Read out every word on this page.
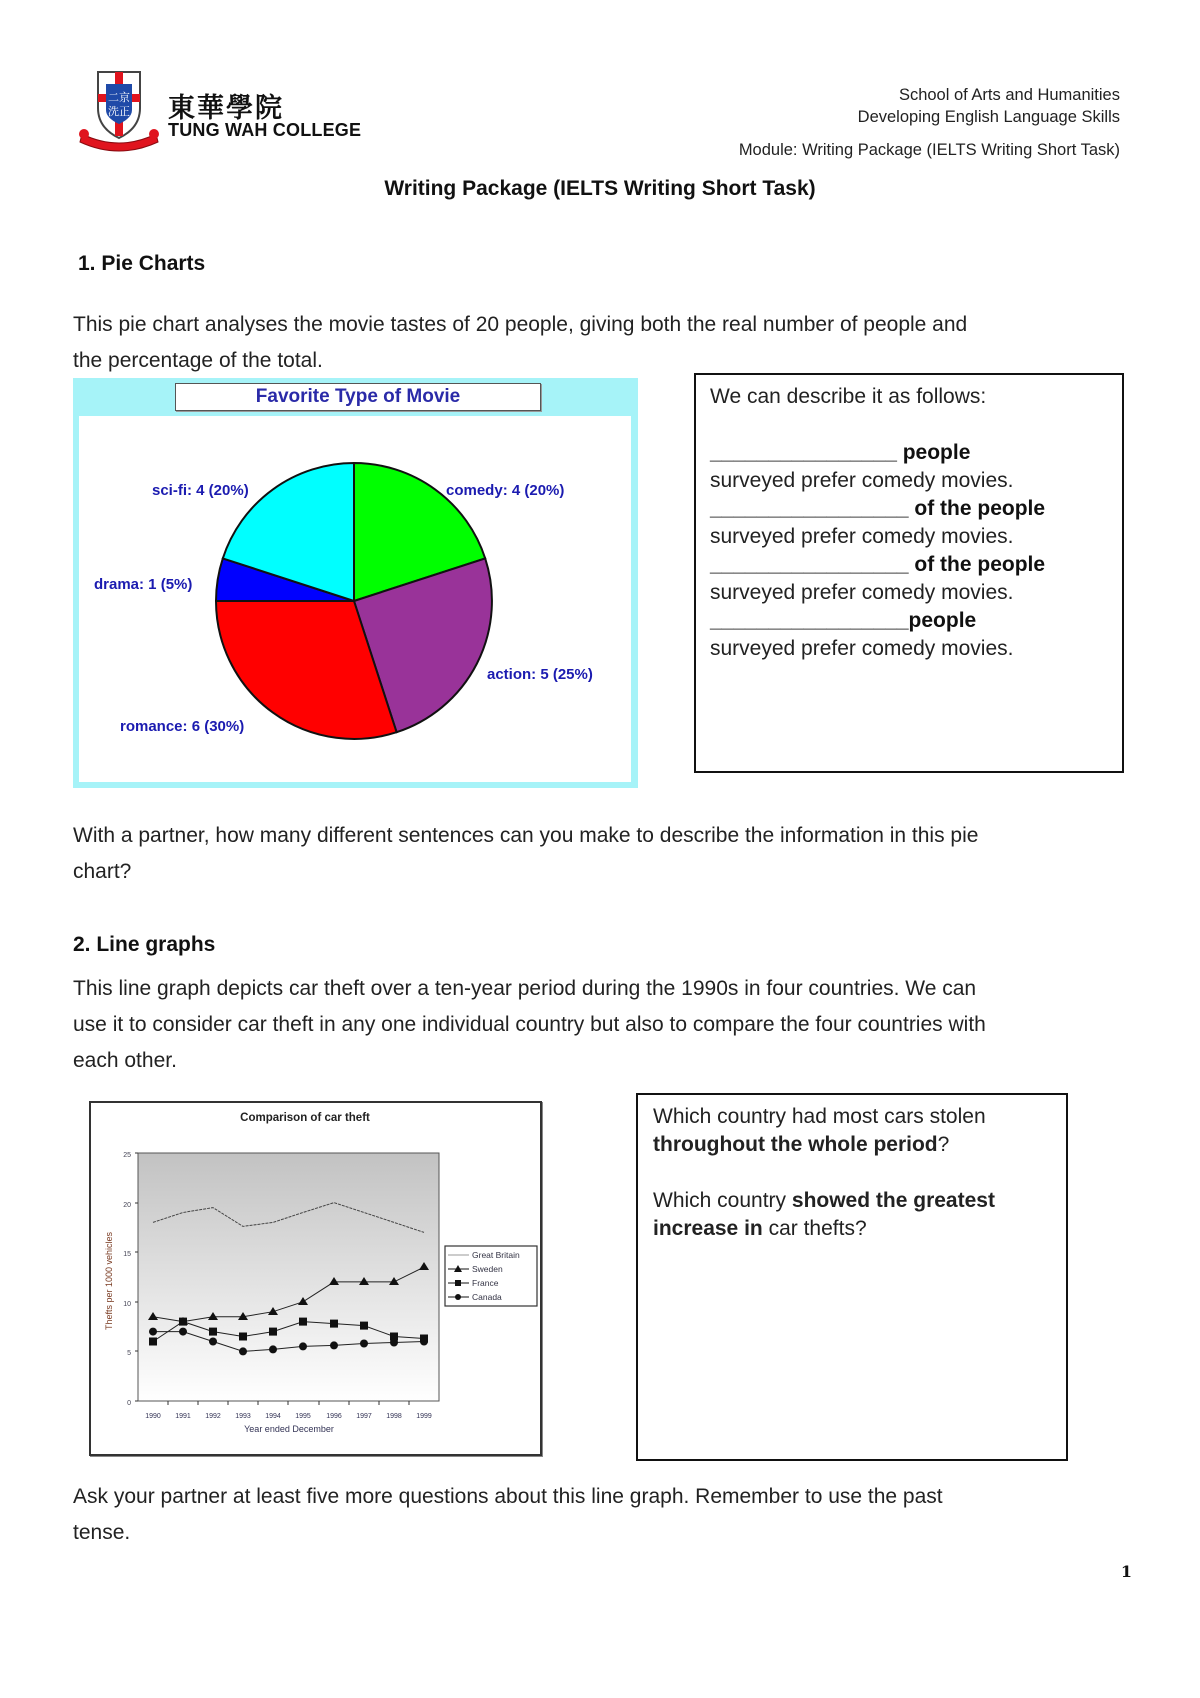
二京
洗正 東華學院
TUNG WAH COLLEGE
School of Arts and Humanities
Developing English Language Skills
Module: Writing Package (IELTS Writing Short Task)
Writing Package (IELTS Writing Short Task)
1. Pie Charts
This pie chart analyses the movie tastes of 20 people, giving both the real number of people and
the percentage of the total.
Favorite Type of Movie
sci-fi: 4 (20%)	comedy: 4 (20%)
drama: 1 (5%)
action: 5 (25%)
romance: 6 (30%)
We can describe it as follows:
________________ people
surveyed prefer comedy movies.
_________________ of the people
surveyed prefer comedy movies.
_________________ of the people
surveyed prefer comedy movies.
_________________people
surveyed prefer comedy movies.
With a partner, how many different sentences can you make to describe the information in this pie
chart?
2. Line graphs
This line graph depicts car theft over a ten-year period during the 1990s in four countries. We can
use it to consider car theft in any one individual country but also to compare the four countries with
each other.
Comparison of car theft
0
5
10
15
20
25
1990 1991 1992 1993 1994 1995 1996 1997 1998 1999
Year ended December
Thefts per 1000 vehicles	Great Britain
Sweden
France
Canada
Which country had most cars stolen
throughout the whole period?
Which country showed the greatest
increase in car thefts?
Ask your partner at least five more questions about this line graph. Remember to use the past
tense.
1
